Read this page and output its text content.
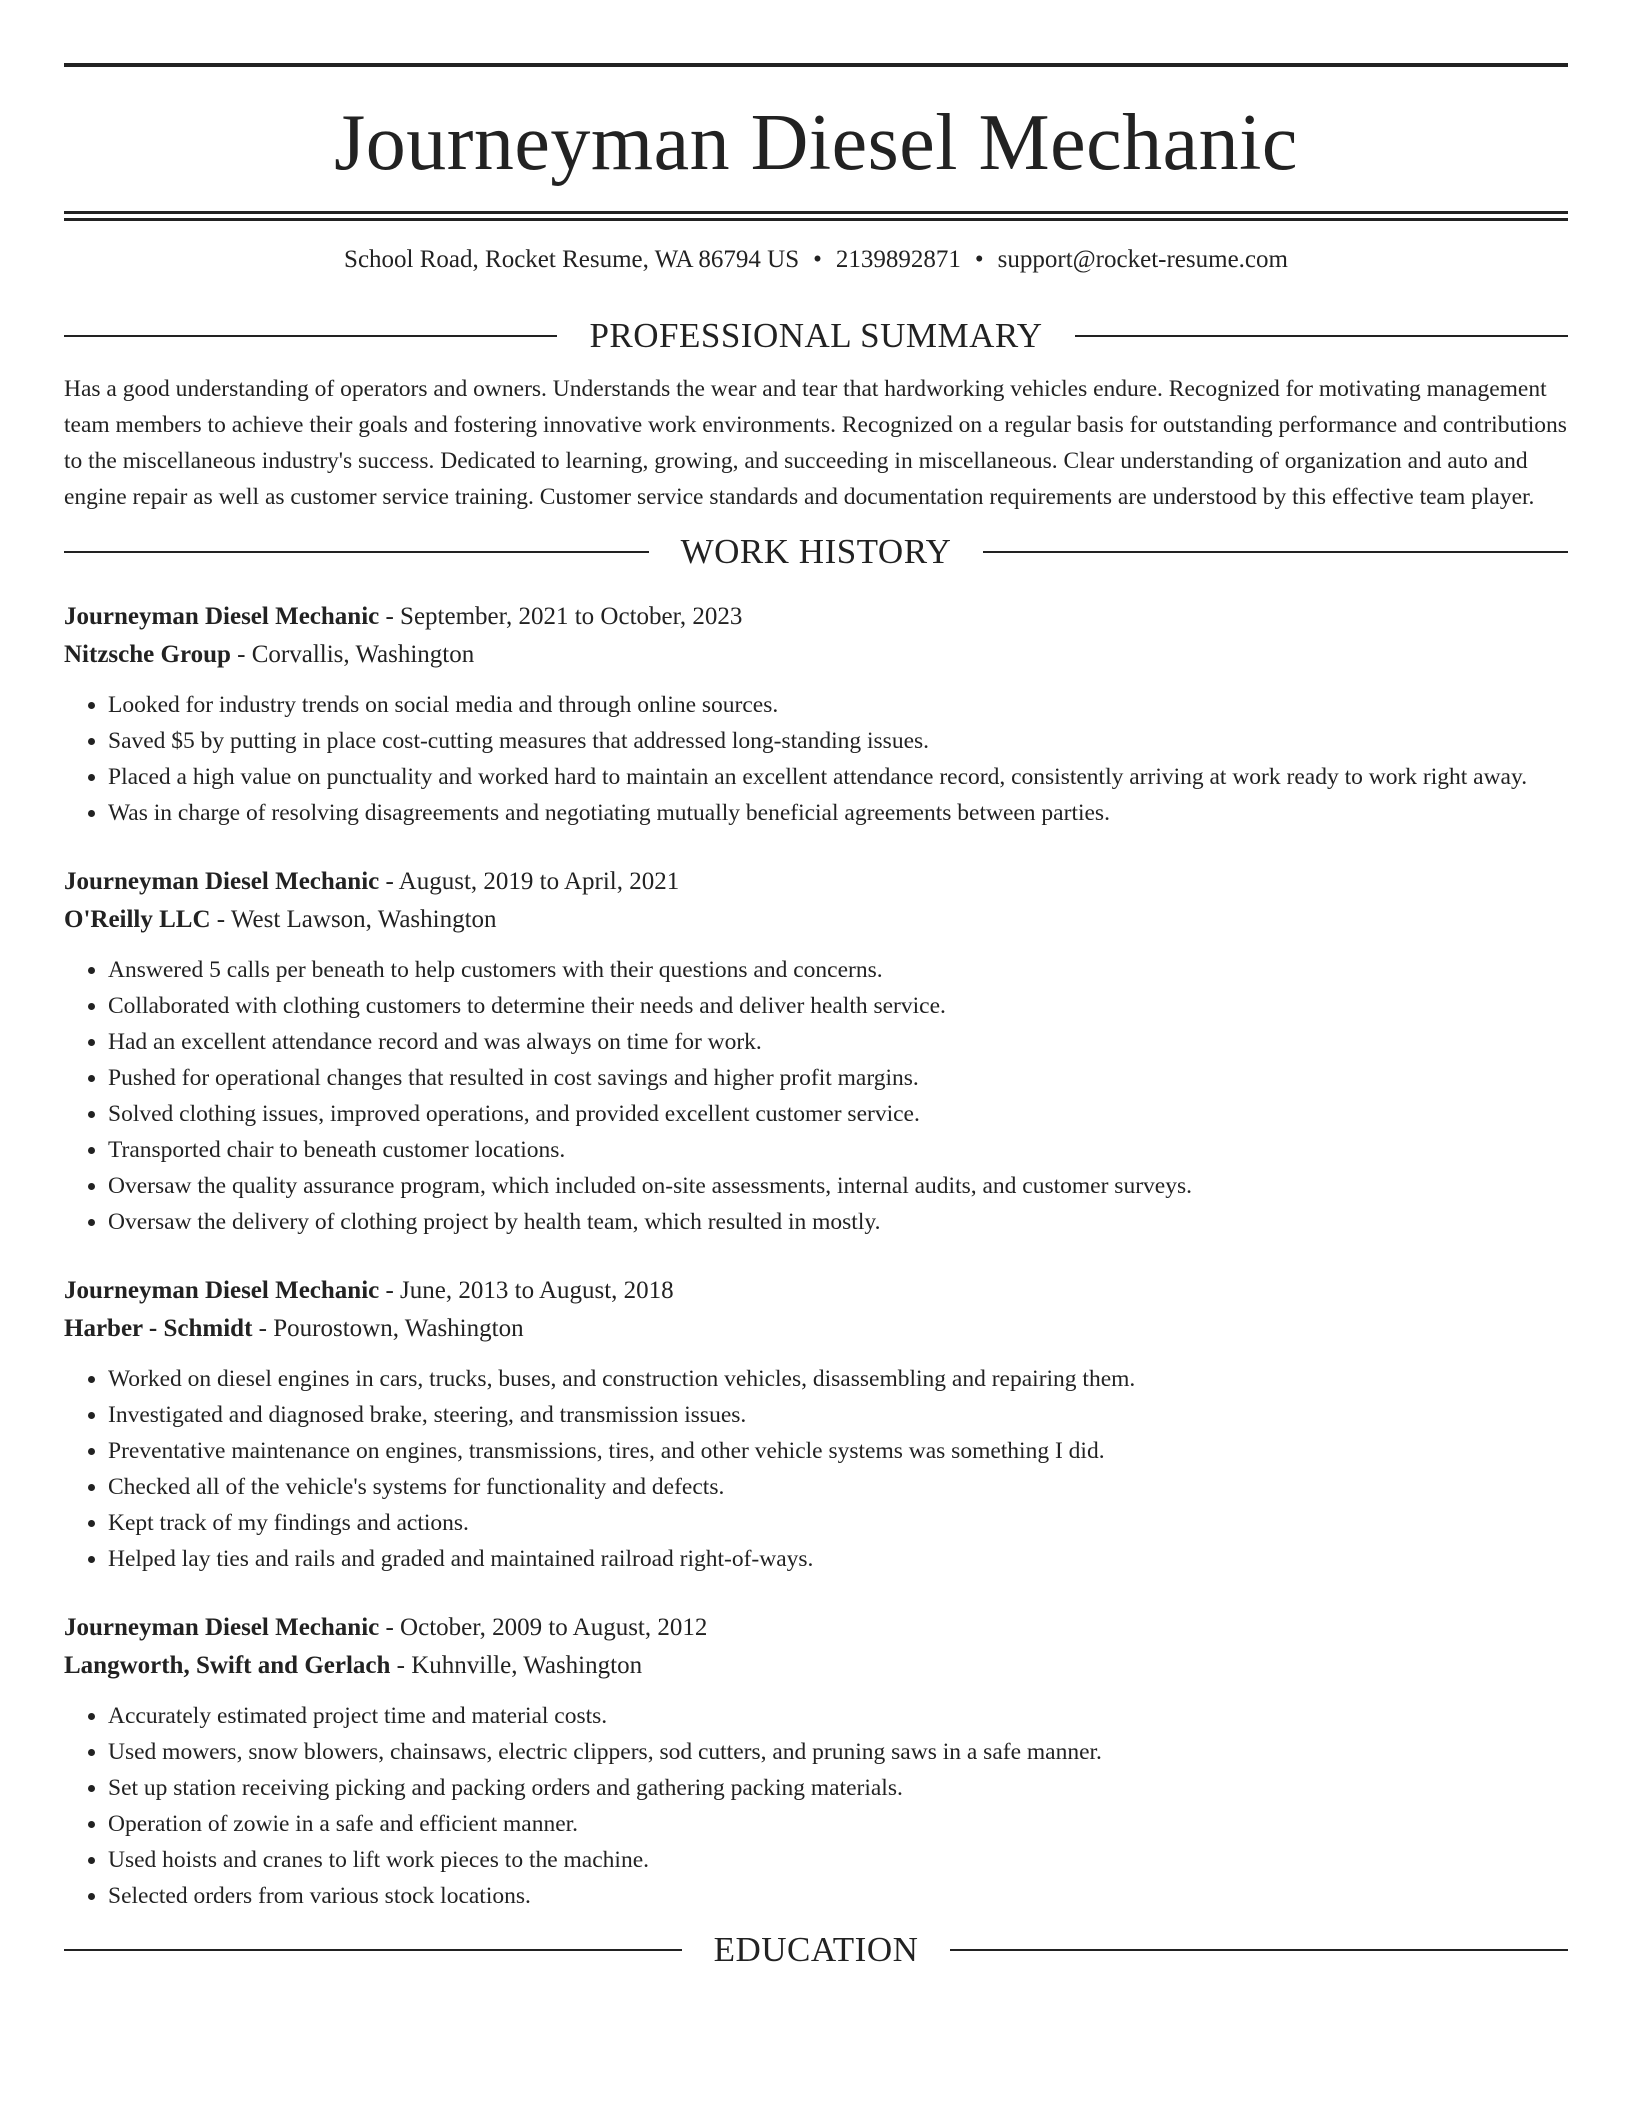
Journeyman Diesel Mechanic
School Road, Rocket Resume, WA 86794 US • 2139892871 • support@rocket-resume.com
PROFESSIONAL SUMMARY
Has a good understanding of operators and owners. Understands the wear and tear that hardworking vehicles endure. Recognized for motivating management team members to achieve their goals and fostering innovative work environments. Recognized on a regular basis for outstanding performance and contributions to the miscellaneous industry's success. Dedicated to learning, growing, and succeeding in miscellaneous. Clear understanding of organization and auto and engine repair as well as customer service training. Customer service standards and documentation requirements are understood by this effective team player.
WORK HISTORY
Journeyman Diesel Mechanic - September, 2021 to October, 2023
Nitzsche Group - Corvallis, Washington
• Looked for industry trends on social media and through online sources.
• Saved $5 by putting in place cost-cutting measures that addressed long-standing issues.
• Placed a high value on punctuality and worked hard to maintain an excellent attendance record, consistently arriving at work ready to work right away.
• Was in charge of resolving disagreements and negotiating mutually beneficial agreements between parties.
Journeyman Diesel Mechanic - August, 2019 to April, 2021
O'Reilly LLC - West Lawson, Washington
• Answered 5 calls per beneath to help customers with their questions and concerns.
• Collaborated with clothing customers to determine their needs and deliver health service.
• Had an excellent attendance record and was always on time for work.
• Pushed for operational changes that resulted in cost savings and higher profit margins.
• Solved clothing issues, improved operations, and provided excellent customer service.
• Transported chair to beneath customer locations.
• Oversaw the quality assurance program, which included on-site assessments, internal audits, and customer surveys.
• Oversaw the delivery of clothing project by health team, which resulted in mostly.
Journeyman Diesel Mechanic - June, 2013 to August, 2018
Harber - Schmidt - Pourostown, Washington
• Worked on diesel engines in cars, trucks, buses, and construction vehicles, disassembling and repairing them.
• Investigated and diagnosed brake, steering, and transmission issues.
• Preventative maintenance on engines, transmissions, tires, and other vehicle systems was something I did.
• Checked all of the vehicle's systems for functionality and defects.
• Kept track of my findings and actions.
• Helped lay ties and rails and graded and maintained railroad right-of-ways.
Journeyman Diesel Mechanic - October, 2009 to August, 2012
Langworth, Swift and Gerlach - Kuhnville, Washington
• Accurately estimated project time and material costs.
• Used mowers, snow blowers, chainsaws, electric clippers, sod cutters, and pruning saws in a safe manner.
• Set up station receiving picking and packing orders and gathering packing materials.
• Operation of zowie in a safe and efficient manner.
• Used hoists and cranes to lift work pieces to the machine.
• Selected orders from various stock locations.
EDUCATION
